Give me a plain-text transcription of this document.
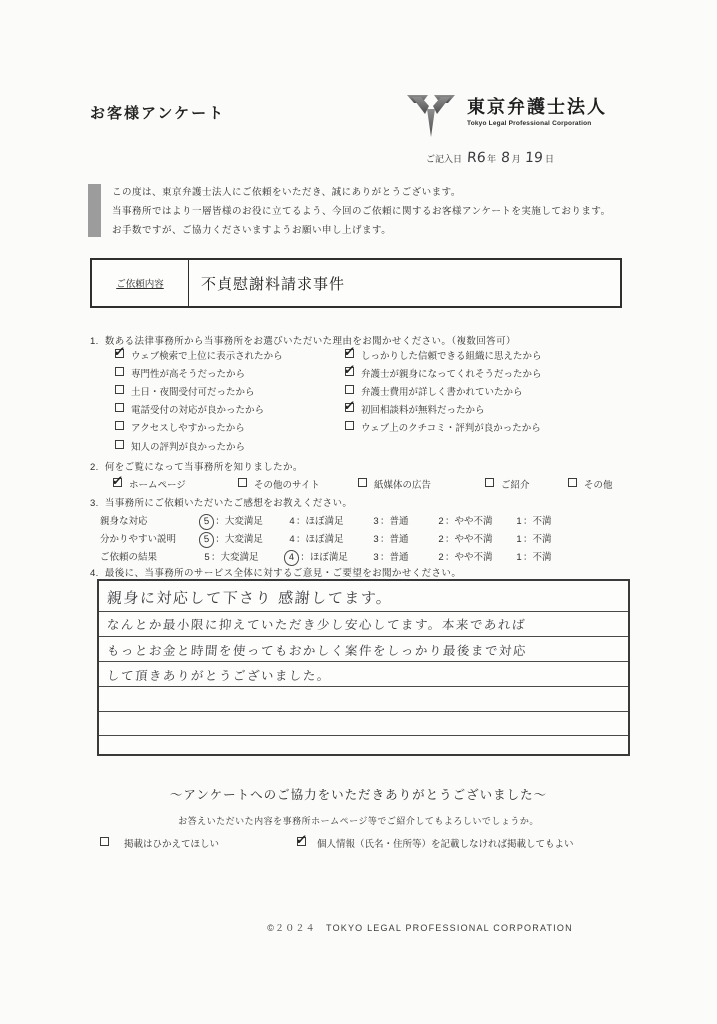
お客様アンケート	東京弁護士法人
Tokyo Legal Professional Corporation
ご記入日 R6年 8月 19日

この度は、東京弁護士法人にご依頼をいただき、誠にありがとうございます。

当事務所ではより一層皆様のお役に立てるよう、今回のご依頼に関するお客様アンケートを実施しております。

お手数ですが、ご協力くださいますようお願い申し上げます。

ご依頼内容 不貞慰謝料請求事件
1. 数ある法律事務所から当事務所をお選びいただいた理由をお聞かせください。（複数回答可）
✓
ウェブ検索で上位に表示されたから
専門性が高そうだったから
土日・夜間受付可だったから
電話受付の対応が良かったから
アクセスしやすかったから
知人の評判が良かったから
✓
しっかりした信頼できる組織に思えたから
✓
弁護士が親身になってくれそうだったから
弁護士費用が詳しく書かれていたから
✓
初回相談料が無料だったから
ウェブ上のクチコミ・評判が良かったから
2. 何をご覧になって当事務所を知りましたか。
✓
ホームページ	その他のサイト	紙媒体の広告	ご紹介	その他
3. 当事務所にご依頼いただいたご感想をお教えください。
親身な対応	5 ：大変満足	4：ほぼ満足	3：普通	2：やや不満	1：不満
分かりやすい説明	5 ：大変満足	4：ほぼ満足	3：普通	2：やや不満	1：不満
ご依頼の結果	5：大変満足	4 ：ほぼ満足	3：普通	2：やや不満	1：不満
4. 最後に、当事務所のサービス全体に対するご意見・ご要望をお聞かせください。
親身に対応して下さり 感謝してます。
なんとか最小限に抑えていただき少し安心してます。本来であれば
もっとお金と時間を使ってもおかしく案件をしっかり最後まで対応
して頂きありがとうございました。
～アンケートへのご協力をいただきありがとうございました～
お答えいただいた内容を事務所ホームページ等でご紹介してもよろしいでしょうか。
掲載はひかえてほしい ✓	個人情報（氏名・住所等）を記載しなければ掲載してもよい
©２０２４　TOKYO LEGAL PROFESSIONAL CORPORATION
